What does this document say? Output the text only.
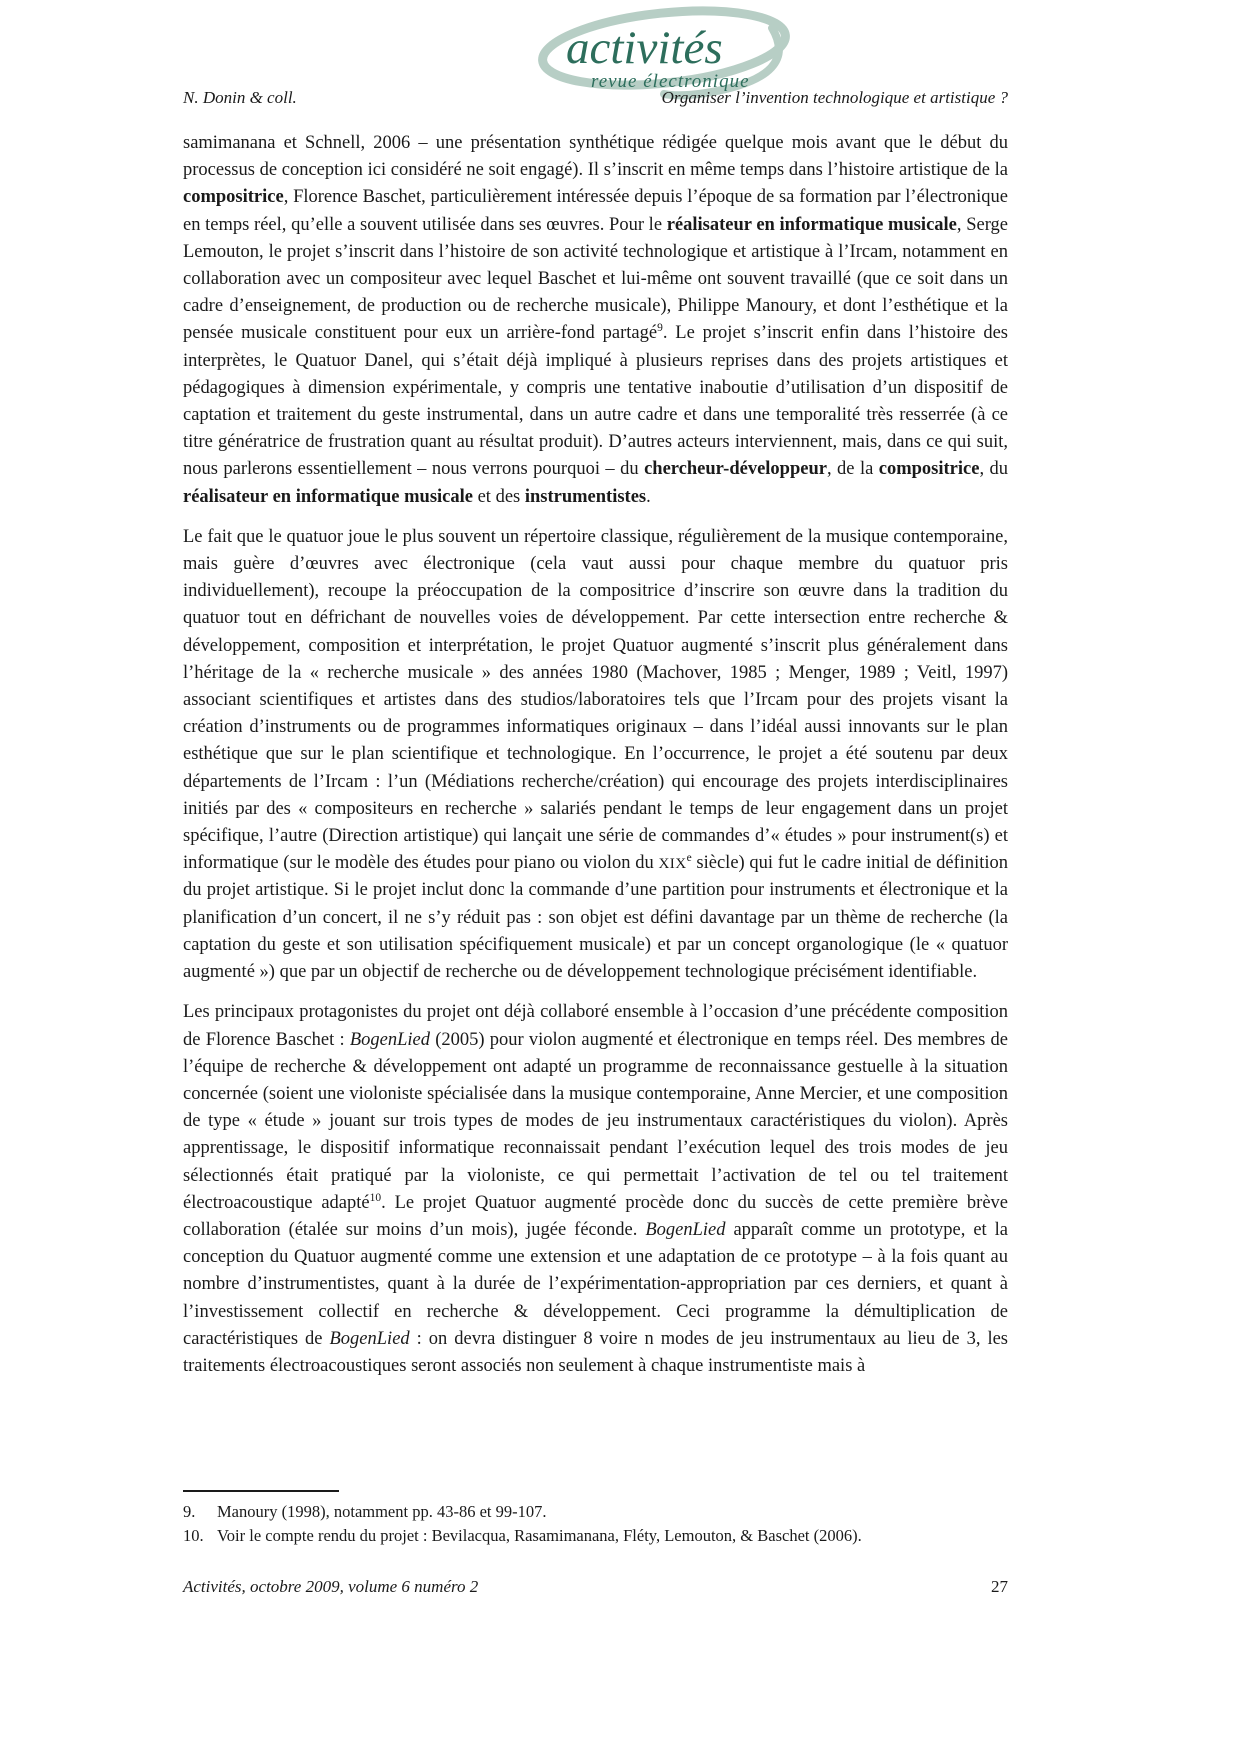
activités
revue électronique
N. Donin & coll.	Organiser l’invention technologique et artistique ?

samimanana et Schnell, 2006 – une présentation synthétique rédigée quelque mois avant que le début du processus de conception ici considéré ne soit engagé). Il s’inscrit en même temps dans l’histoire artistique de la compositrice, Florence Baschet, particulièrement intéressée depuis l’époque de sa formation par l’électronique en temps réel, qu’elle a souvent utilisée dans ses œuvres. Pour le réalisateur en informatique musicale, Serge Lemouton, le projet s’inscrit dans l’histoire de son activité technologique et artistique à l’Ircam, notamment en collaboration avec un compositeur avec lequel Baschet et lui-même ont souvent travaillé (que ce soit dans un cadre d’enseignement, de production ou de recherche musicale), Philippe Manoury, et dont l’esthétique et la pensée musicale constituent pour eux un arrière-fond partagé$^9$. Le projet s’inscrit enfin dans l’histoire des interprètes, le Quatuor Danel, qui s’était déjà impliqué à plusieurs reprises dans des projets artistiques et pédagogiques à dimension expérimentale, y compris une tentative inaboutie d’utilisation d’un dispositif de captation et traitement du geste instrumental, dans un autre cadre et dans une temporalité très resserrée (à ce titre génératrice de frustration quant au résultat produit). D’autres acteurs interviennent, mais, dans ce qui suit, nous parlerons essentiellement – nous verrons pourquoi – du chercheur-développeur, de la compositrice, du réalisateur en informatique musicale et des instrumentistes.

Le fait que le quatuor joue le plus souvent un répertoire classique, régulièrement de la musique contemporaine, mais guère d’œuvres avec électronique (cela vaut aussi pour chaque membre du quatuor pris individuellement), recoupe la préoccupation de la compositrice d’inscrire son œuvre dans la tradition du quatuor tout en défrichant de nouvelles voies de développement. Par cette intersection entre recherche & développement, composition et interprétation, le projet Quatuor augmenté s’inscrit plus généralement dans l’héritage de la « recherche musicale » des années 1980 (Machover, 1985 ; Menger, 1989 ; Veitl, 1997) associant scientifiques et artistes dans des studios/laboratoires tels que l’Ircam pour des projets visant la création d’instruments ou de programmes informatiques originaux – dans l’idéal aussi innovants sur le plan esthétique que sur le plan scientifique et technologique. En l’occurrence, le projet a été soutenu par deux départements de l’Ircam : l’un (Médiations recherche/création) qui encourage des projets interdisciplinaires initiés par des « compositeurs en recherche » salariés pendant le temps de leur engagement dans un projet spécifique, l’autre (Direction artistique) qui lançait une série de commandes d’« études » pour instrument(s) et informatique (sur le modèle des études pour piano ou violon du XIXe siècle) qui fut le cadre initial de définition du projet artistique. Si le projet inclut donc la commande d’une partition pour instruments et électronique et la planification d’un concert, il ne s’y réduit pas : son objet est défini davantage par un thème de recherche (la captation du geste et son utilisation spécifiquement musicale) et par un concept organologique (le « quatuor augmenté ») que par un objectif de recherche ou de développement technologique précisément identifiable.

Les principaux protagonistes du projet ont déjà collaboré ensemble à l’occasion d’une précédente composition de Florence Baschet : BogenLied (2005) pour violon augmenté et électronique en temps réel. Des membres de l’équipe de recherche & développement ont adapté un programme de reconnaissance gestuelle à la situation concernée (soient une violoniste spécialisée dans la musique contemporaine, Anne Mercier, et une composition de type « étude » jouant sur trois types de modes de jeu instrumentaux caractéristiques du violon). Après apprentissage, le dispositif informatique reconnaissait pendant l’exécution lequel des trois modes de jeu sélectionnés était pratiqué par la violoniste, ce qui permettait l’activation de tel ou tel traitement électroacoustique adapté$^{10}$. Le projet Quatuor augmenté procède donc du succès de cette première brève collaboration (étalée sur moins d’un mois), jugée féconde. BogenLied apparaît comme un prototype, et la conception du Quatuor augmenté comme une extension et une adaptation de ce prototype – à la fois quant au nombre d’instrumentistes, quant à la durée de l’expérimentation-appropriation par ces derniers, et quant à l’investissement collectif en recherche & développement. Ceci programme la démultiplication de caractéristiques de BogenLied : on devra distinguer 8 voire n modes de jeu instrumentaux au lieu de 3, les traitements électroacoustiques seront associés non seulement à chaque instrumentiste mais à

9.	Manoury (1998), notamment pp. 43-86 et 99-107.
10. Voir le compte rendu du projet : Bevilacqua, Rasamimanana, Fléty, Lemouton, & Baschet (2006).
Activités, octobre 2009, volume 6 numéro 2	27
